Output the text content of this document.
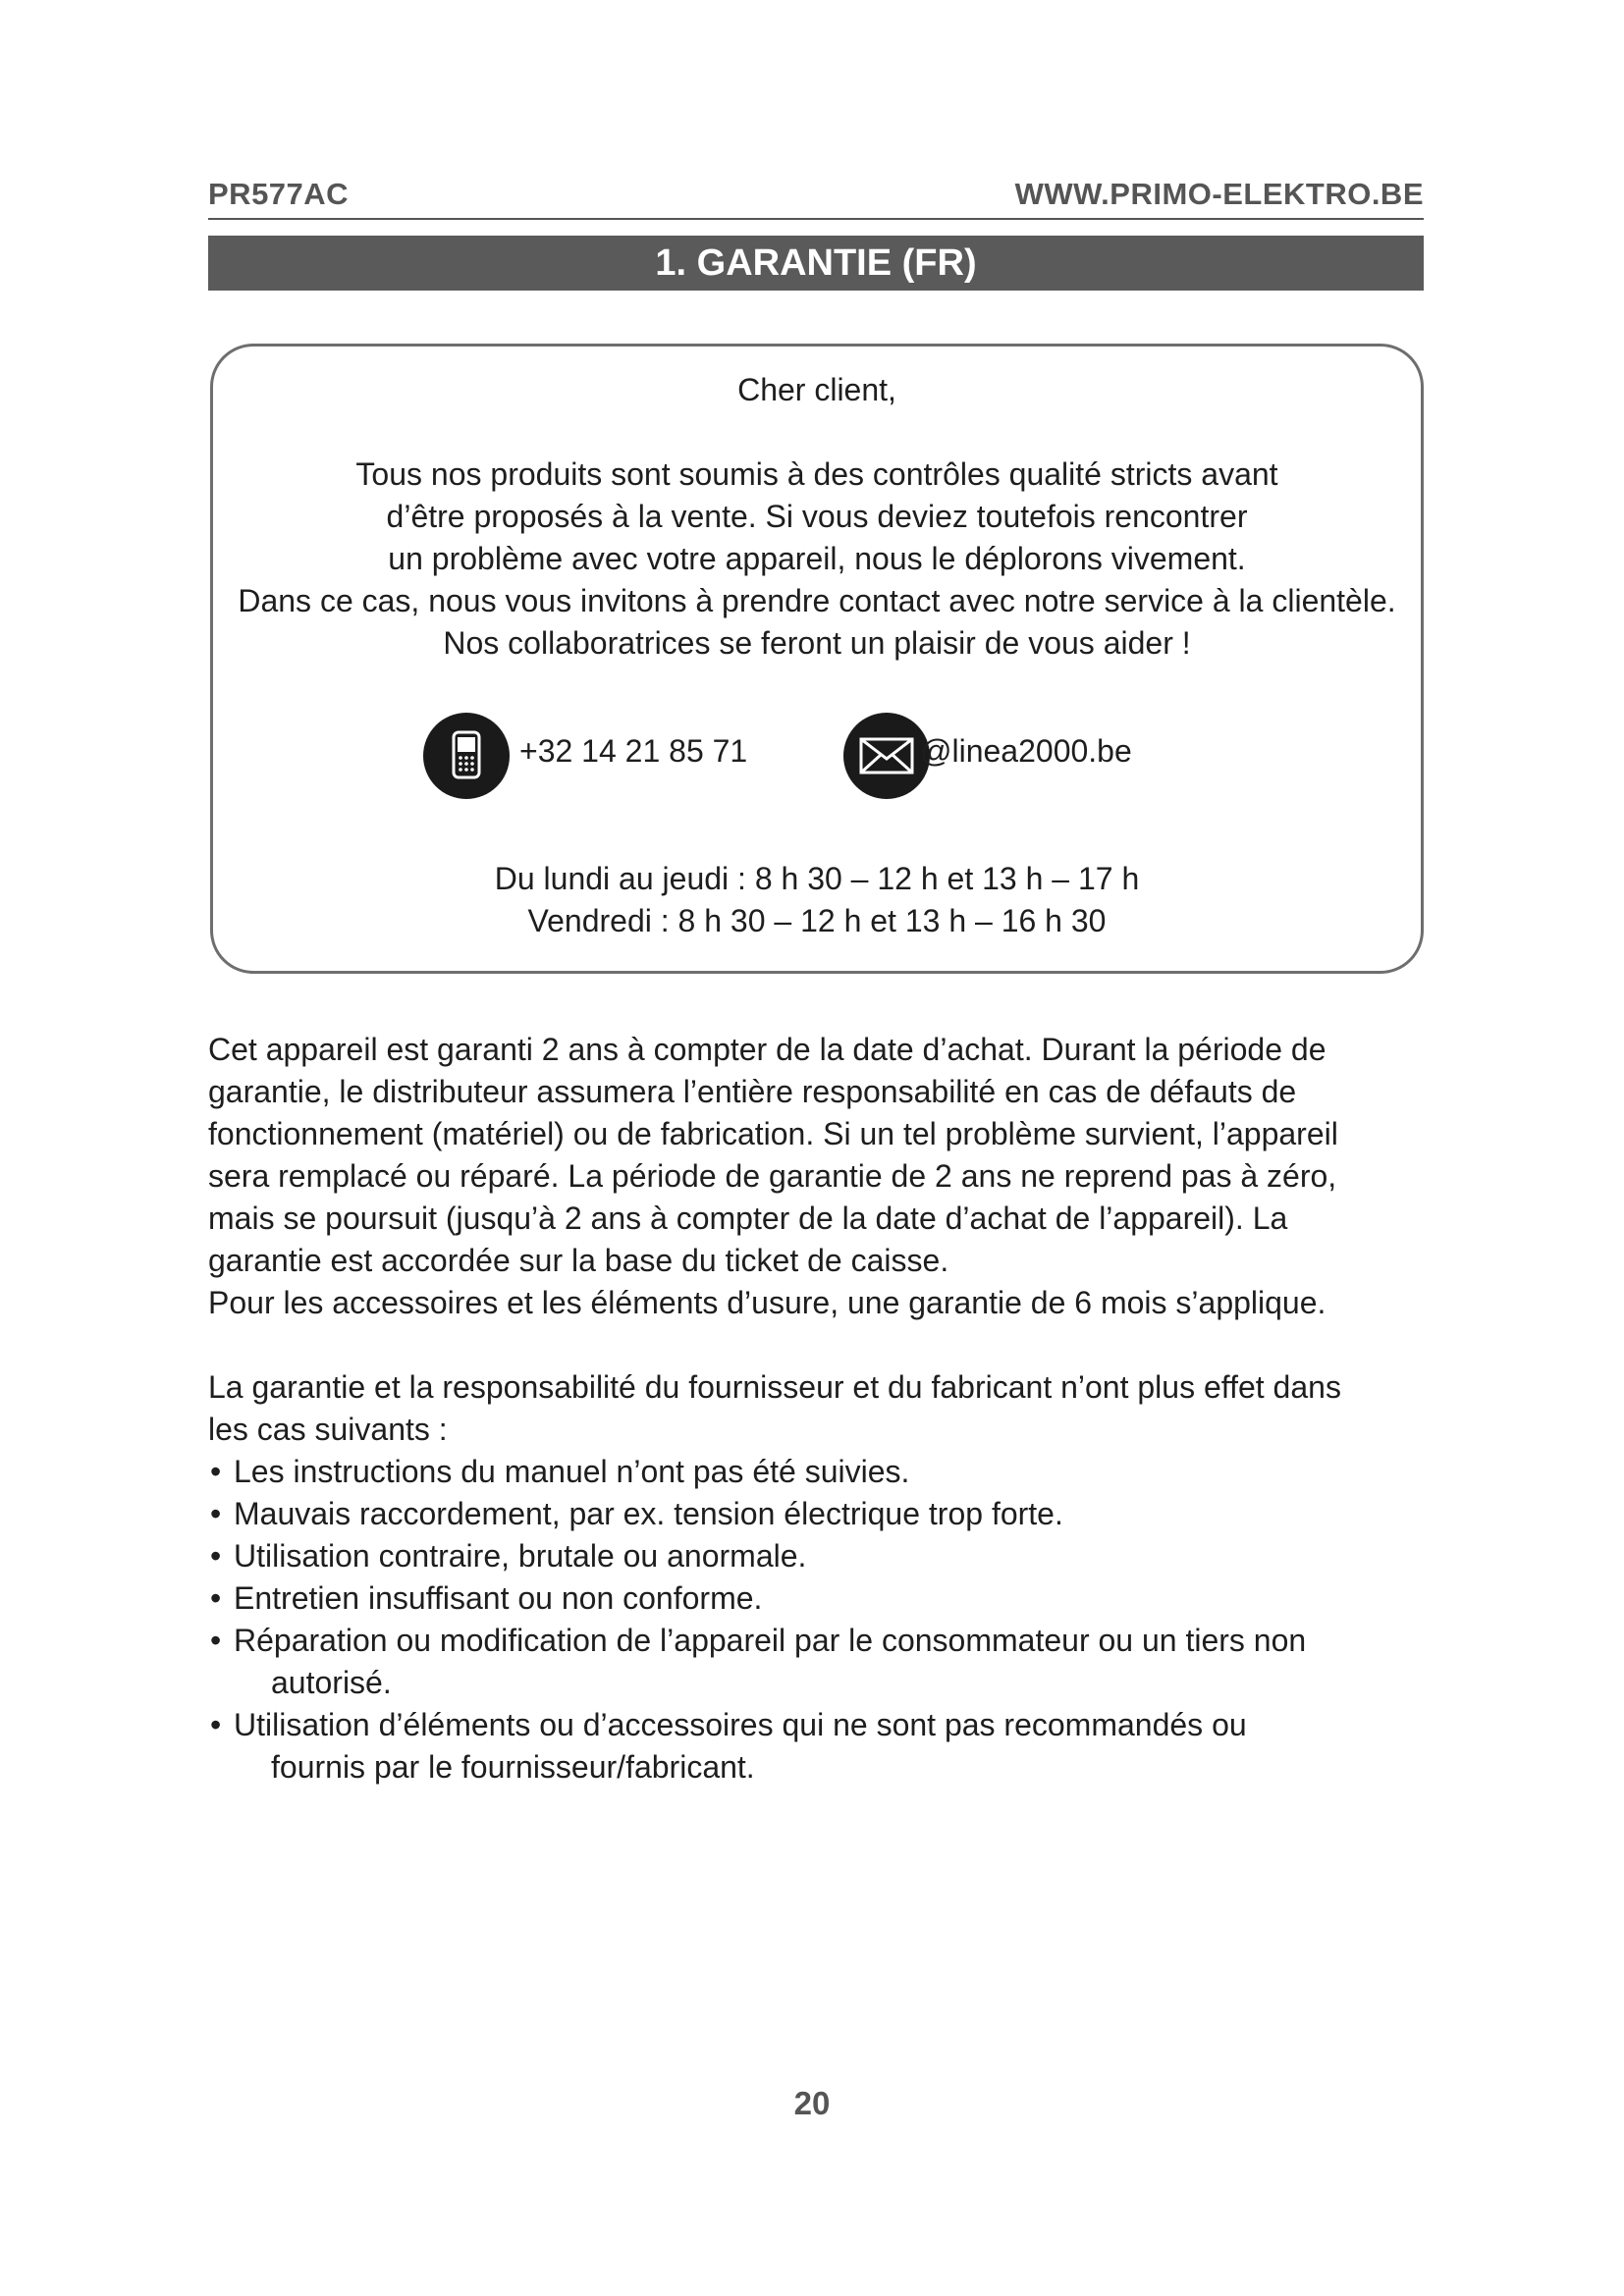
PR577AC	WWW.PRIMO-ELEKTRO.BE
1. GARANTIE (FR)
Cher client,
Tous nos produits sont soumis à des contrôles qualité stricts avant
d’être proposés à la vente. Si vous deviez toutefois rencontrer
un problème avec votre appareil, nous le déplorons vivement.
Dans ce cas, nous vous invitons à prendre contact avec notre service à la clientèle.
Nos collaboratrices se feront un plaisir de vous aider !
+32 14 21 85 71	@linea2000.be
Du lundi au jeudi : 8 h 30 – 12 h et 13 h – 17 h
Vendredi : 8 h 30 – 12 h et 13 h – 16 h 30
Cet appareil est garanti 2 ans à compter de la date d’achat. Durant la période de
garantie, le distributeur assumera l’entière responsabilité en cas de défauts de
fonctionnement (matériel) ou de fabrication. Si un tel problème survient, l’appareil
sera remplacé ou réparé. La période de garantie de 2 ans ne reprend pas à zéro,
mais se poursuit (jusqu’à 2 ans à compter de la date d’achat de l’appareil). La
garantie est accordée sur la base du ticket de caisse.
Pour les accessoires et les éléments d’usure, une garantie de 6 mois s’applique.
La garantie et la responsabilité du fournisseur et du fabricant n’ont plus effet dans
les cas suivants :
• Les instructions du manuel n’ont pas été suivies.
• Mauvais raccordement, par ex. tension électrique trop forte.
• Utilisation contraire, brutale ou anormale.
• Entretien insuffisant ou non conforme.
• Réparation ou modification de l’appareil par le consommateur ou un tiers non
autorisé.
• Utilisation d’éléments ou d’accessoires qui ne sont pas recommandés ou
fournis par le fournisseur/fabricant.
20
